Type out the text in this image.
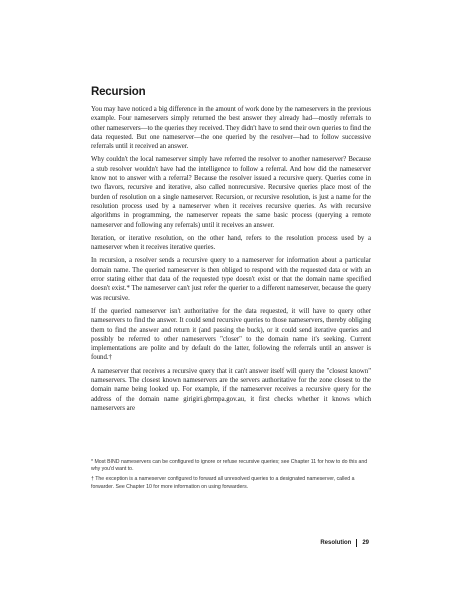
Recursion

You may have noticed a big difference in the amount of work done by the nameservers in the previous example. Four nameservers simply returned the best answer they already had—mostly referrals to other nameservers—to the queries they received. They didn't have to send their own queries to find the data requested. But one nameserver—the one queried by the resolver—had to follow successive referrals until it received an answer.

Why couldn't the local nameserver simply have referred the resolver to another nameserver? Because a stub resolver wouldn't have had the intelligence to follow a referral. And how did the nameserver know not to answer with a referral? Because the resolver issued a recursive query. Queries come in two flavors, recursive and iterative, also called nonrecursive. Recursive queries place most of the burden of resolution on a single nameserver. Recursion, or recursive resolution, is just a name for the resolution process used by a nameserver when it receives recursive queries. As with recursive algorithms in programming, the nameserver repeats the same basic process (querying a remote nameserver and following any referrals) until it receives an answer.

Iteration, or iterative resolution, on the other hand, refers to the resolution process used by a nameserver when it receives iterative queries.

In recursion, a resolver sends a recursive query to a nameserver for information about a particular domain name. The queried nameserver is then obliged to respond with the requested data or with an error stating either that data of the requested type doesn't exist or that the domain name specified doesn't exist.* The nameserver can't just refer the querier to a different nameserver, because the query was recursive.

If the queried nameserver isn't authoritative for the data requested, it will have to query other nameservers to find the answer. It could send recursive queries to those nameservers, thereby obliging them to find the answer and return it (and passing the buck), or it could send iterative queries and possibly be referred to other nameservers "closer" to the domain name it's seeking. Current implementations are polite and by default do the latter, following the referrals until an answer is found.†

A nameserver that receives a recursive query that it can't answer itself will query the "closest known" nameservers. The closest known nameservers are the servers authoritative for the zone closest to the domain name being looked up. For example, if the nameserver receives a recursive query for the address of the domain name girigiri.gbrmpa.gov.au, it first checks whether it knows which nameservers are

* Most BIND nameservers can be configured to ignore or refuse recursive queries; see Chapter 11 for how to do this and why you'd want to.

† The exception is a nameserver configured to forward all unresolved queries to a designated nameserver, called a forwarder. See Chapter 10 for more information on using forwarders.

Resolution 29
